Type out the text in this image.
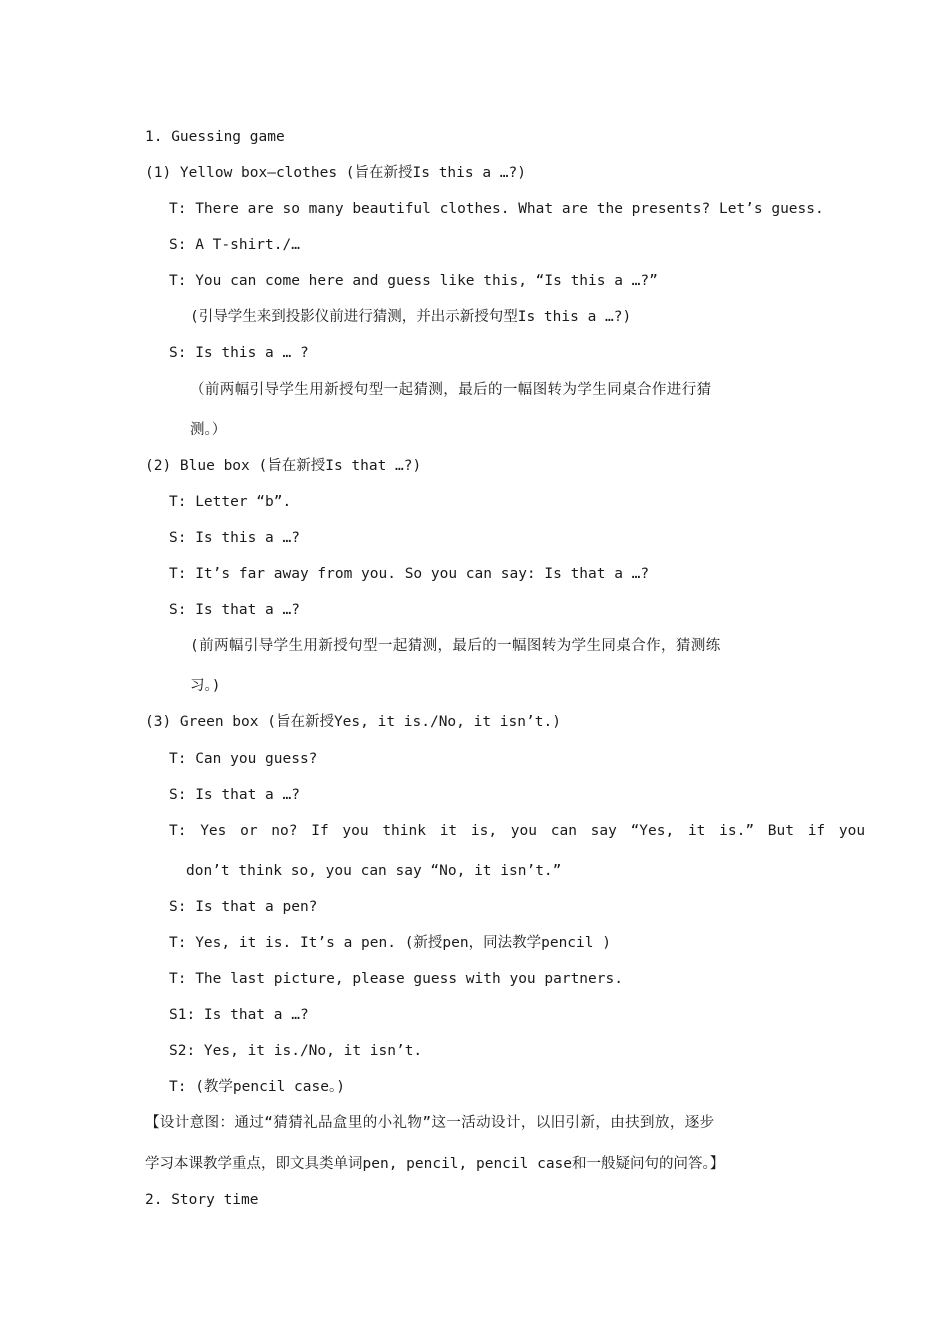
1. Guessing game
(1) Yellow box—clothes (旨在新授Is this a …?)
T: There are so many beautiful clothes. What are the presents? Let’s guess.
S: A T-shirt./…
T: You can come here and guess like this, “Is this a …?”
(引导学生来到投影仪前进行猜测，并出示新授句型Is this a …?)
S: Is this a … ?
（前两幅引导学生用新授句型一起猜测，最后的一幅图转为学生同桌合作进行猜
测。）
(2) Blue box (旨在新授Is that …?)
T: Letter “b”.
S: Is this a …?
T: It’s far away from you. So you can say: Is that a …?
S: Is that a …?
(前两幅引导学生用新授句型一起猜测，最后的一幅图转为学生同桌合作，猜测练
习。)
(3) Green box (旨在新授Yes, it is./No, it isn’t.)
T: Can you guess?
S: Is that a …?
T: Yes or no? If you think it is, you can say “Yes, it is.” But if you
don’t think so, you can say “No, it isn’t.”
S: Is that a pen?
T: Yes, it is. It’s a pen. (新授pen，同法教学pencil )
T: The last picture, please guess with you partners.
S1: Is that a …?
S2: Yes, it is./No, it isn’t.
T: (教学pencil case。)
【设计意图：通过“猜猜礼品盒里的小礼物”这一活动设计，以旧引新，由扶到放，逐步
学习本课教学重点，即文具类单词pen, pencil, pencil case和一般疑问句的问答。】
2. Story time
